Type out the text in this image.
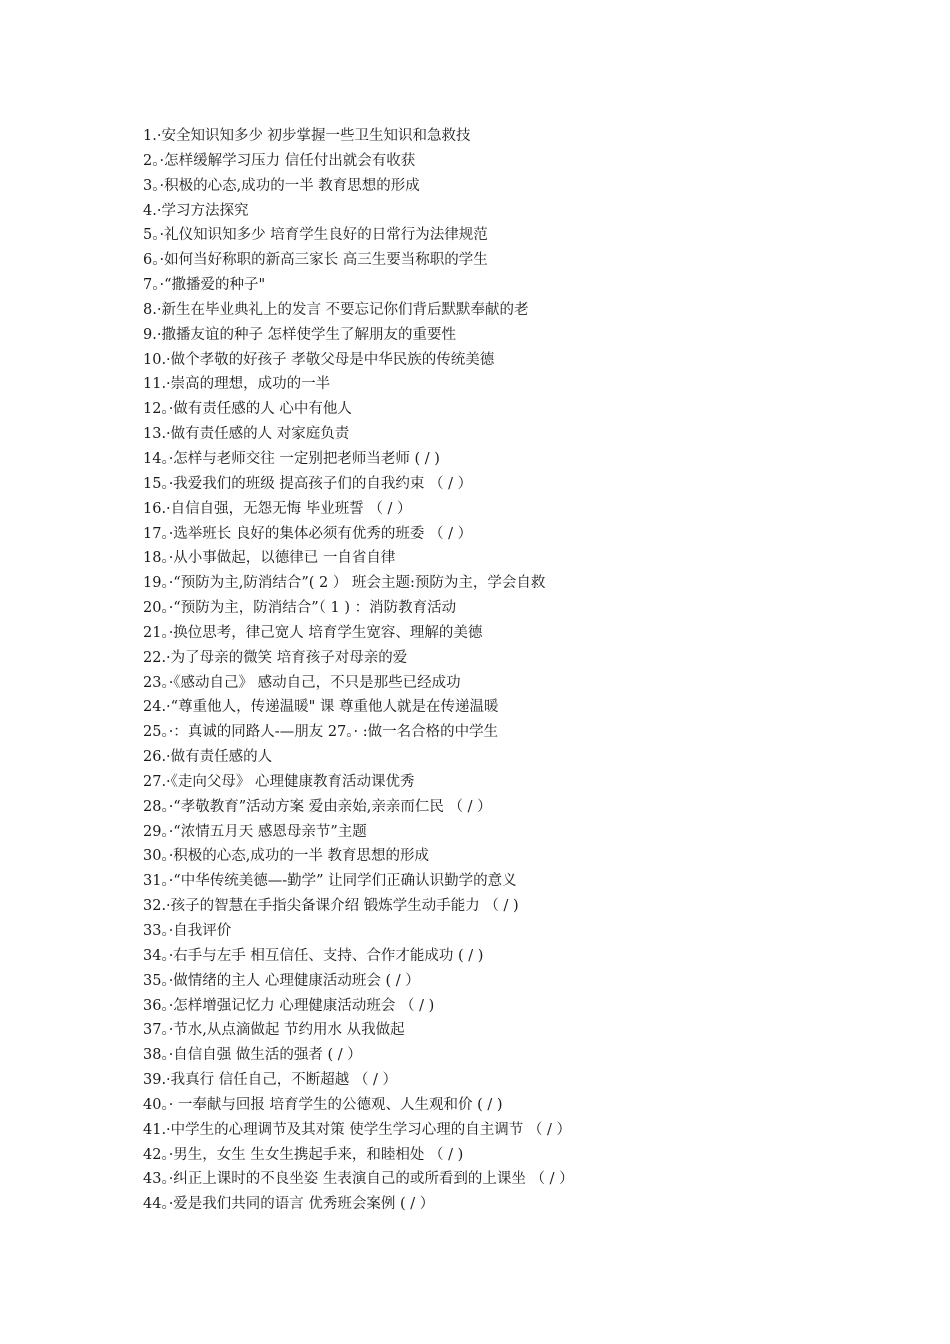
1.·安全知识知多少 初步掌握一些卫生知识和急救技
2。·怎样缓解学习压力 信任付出就会有收获
3。·积极的心态,成功的一半 教育思想的形成
4.·学习方法探究
5。·礼仪知识知多少 培育学生良好的日常行为法律规范
6。·如何当好称职的新高三家长 高三生要当称职的学生
7。·“撒播爱的种子"
8.·新生在毕业典礼上的发言 不要忘记你们背后默默奉献的老
9.·撒播友谊的种子 怎样使学生了解朋友的重要性
10.·做个孝敬的好孩子 孝敬父母是中华民族的传统美德
11.·崇高的理想，成功的一半
12。·做有责任感的人 心中有他人
13.·做有责任感的人 对家庭负责
14。·怎样与老师交往 一定别把老师当老师 ( / )
15。·我爱我们的班级 提高孩子们的自我约束 （ / ）
16.·自信自强，无怨无悔 毕业班誓 （ / ）
17。·选举班长 良好的集体必须有优秀的班委 （ / ）
18。·从小事做起，以德律已 一自省自律
19。·“预防为主,防消结合”( 2 ） 班会主题:预防为主，学会自救
20。·“预防为主，防消结合”（ 1 ) ：消防教育活动
21。·换位思考，律己宽人 培育学生宽容、理解的美德
22.·为了母亲的微笑 培育孩子对母亲的爱
23。·《感动自己》 感动自己，不只是那些已经成功
24.·“尊重他人，传递温暖" 课 尊重他人就是在传递温暖
25。·：真诚的同路人-—朋友 27。· :做一名合格的中学生
26.·做有责任感的人
27.·《走向父母》 心理健康教育活动课优秀
28。·“孝敬教育”活动方案 爱由亲始,亲亲而仁民 （ / ）
29。·“浓情五月天 感恩母亲节”主题
30。·积极的心态,成功的一半 教育思想的形成
31。·“中华传统美德—-勤学” 让同学们正确认识勤学的意义
32.·孩子的智慧在手指尖备课介绍 锻炼学生动手能力 （ / )
33。·自我评价
34。·右手与左手 相互信任、支持、合作才能成功 ( / )
35。·做情绪的主人 心理健康活动班会 ( / ）
36。·怎样增强记忆力 心理健康活动班会 （ / )
37。·节水,从点滴做起 节约用水 从我做起
38。·自信自强 做生活的强者 ( / ）
39.·我真行 信任自己，不断超越 （ / ）
40。· 一奉献与回报 培育学生的公德观、人生观和价 ( / )
41.·中学生的心理调节及其对策 使学生学习心理的自主调节 （ / ）
42。·男生，女生 生女生携起手来，和睦相处 （ / )
43。·纠正上课时的不良坐姿 生表演自己的或所看到的上课坐 （ / ）
44。·爱是我们共同的语言 优秀班会案例 ( / ）
